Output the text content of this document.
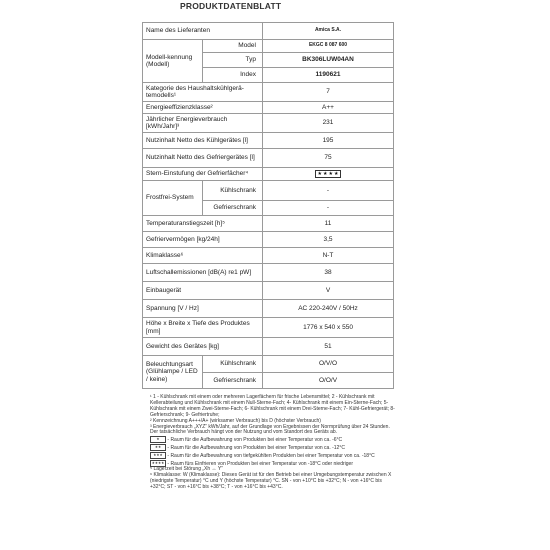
PRODUKTDATENBLATT
Name des Lieferanten		Amica S.A.
Modell-kennung (Modell)	Model	EKGC 8 087 600
	Typ	BK306LUW04AN
	Index	1190621
Kategorie des Haushaltskühlgerä-temodells¹		7
Energieeffizienzklasse²		A++
Jährlicher Energieverbrauch [kWh/Jahr]³		231
Nutzinhalt Netto des Kühlgerätes [l]		195
Nutzinhalt Netto des Gefriergerätes [l]		75
Stern-Einstufung der Gefrierfächer⁴		★ ★ ★ ★

Frostfrei-System	Kühlschrank	-
	Gefrierschrank	-
Temperaturanstiegszeit [h]⁵		11
Gefriervermögen [kg/24h]		3,5
Klimaklasse⁶		N-T
Luftschallemissionen [dB(A) re1 pW]		38
Einbaugerät		V
Spannung [V / Hz]		AC 220-240V / 50Hz
Höhe x Breite x Tiefe des Produktes [mm]		1776 x 540 x 550
Gewicht des Gerätes [kg]		51
Beleuchtungsart (Glühlampe / LED / keine)	Kühlschrank	O/V/O
	Gefrierschrank	O/O/V

¹ 1 - Kühlschrank mit einem oder mehreren Lagerfächern für frische Lebensmittel; 2 - Kühlschrank mit Kellerabteilung und Kühlschrank mit einem Null-Sterne-Fach; 4- Kühlschrank mit einem Ein-Sterne-Fach; 5- Kühlschrank mit einem Zwei-Sterne-Fach; 6- Kühlschrank mit einem Drei-Sterne-Fach; 7- Kühl-Gefriergerät; 8- Gefrierschrank; 9- Gefriertruhe;

² Kennzeichnung A+++/A+ (wirksamer Verbrauch) bis D (höchster Verbrauch)

³ Energieverbrauch „XYZ“ kWh/Jahr, auf der Grundlage von Ergebnissen der Normprüfung über 24 Stunden. Der tatsächliche Verbrauch hängt von der Nutzung und vom Standort des Geräts ab.

★ - Raum für die Aufbewahrung von Produkten bei einer Temperatur von ca. -6°C

★★ - Raum für die Aufbewahrung von Produkten bei einer Temperatur von ca. -12°C

★★★ - Raum für die Aufbewahrung von tiefgekühlten Produkten bei einer Temperatur von ca. -18°C

★★★★ - Raum fürs Einfrieren von Produkten bei einer Temperatur von -18°C oder niedriger

⁵ Lagerzeit bei Störung „Xh ↔ Y“

⁶ Klimaklasse: W (Klimaklasse): Dieses Gerät ist für den Betrieb bei einer Umgebungstemperatur zwischen X (niedrigste Temperatur) °C und Y (höchste Temperatur) °C. SN - von +10°C bis +32°C; N - von +16°C bis +32°C; ST - von +16°C bis +38°C; T - von +16°C bis +43°C.
